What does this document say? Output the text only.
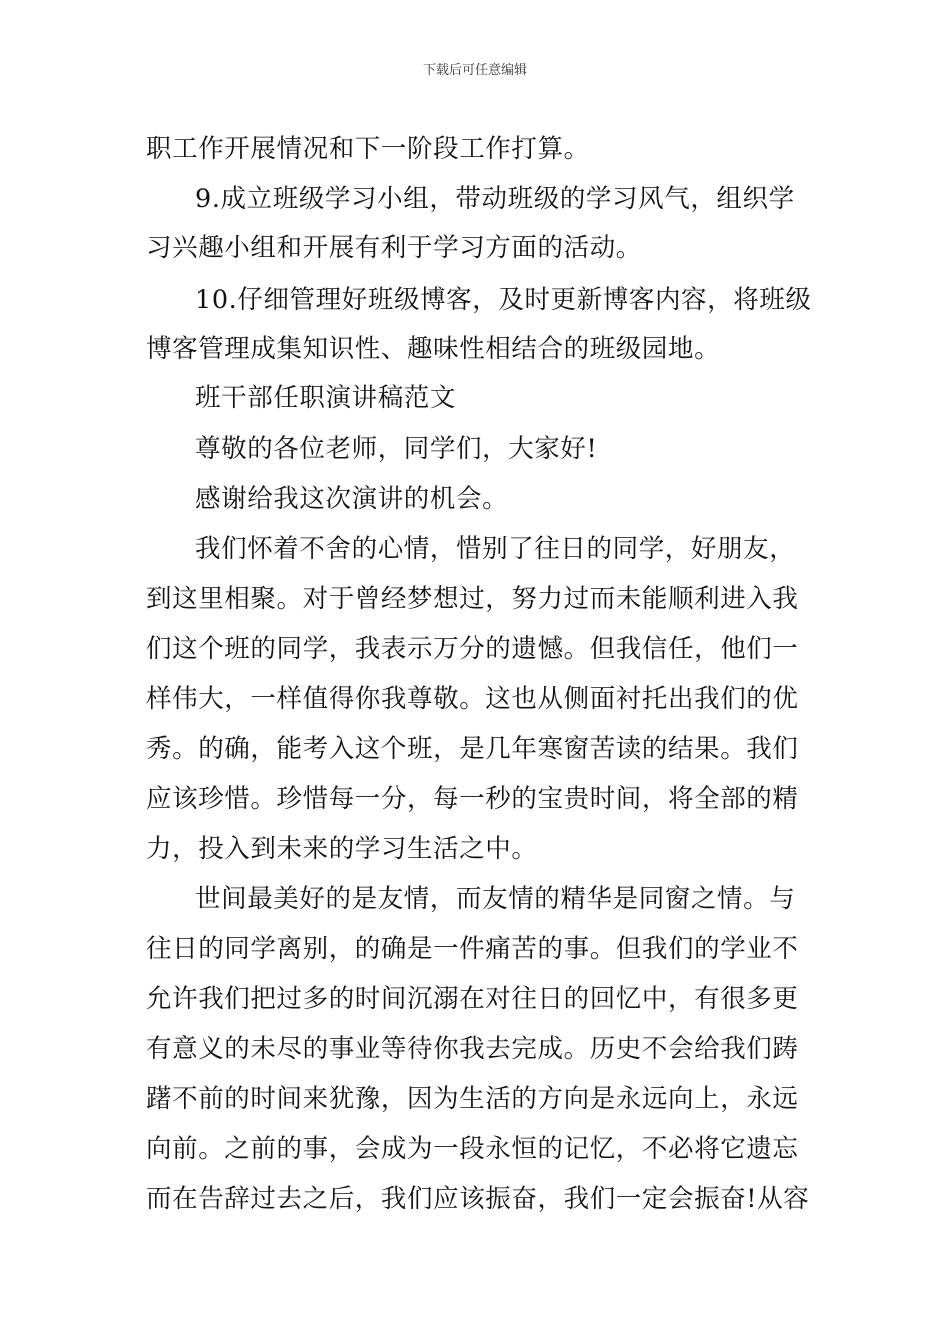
下载后可任意编辑
职工作开展情况和下一阶段工作打算。
9.成立班级学习小组，带动班级的学习风气，组织学
习兴趣小组和开展有利于学习方面的活动。
10.仔细管理好班级博客，及时更新博客内容，将班级
博客管理成集知识性、趣味性相结合的班级园地。
班干部任职演讲稿范文
尊敬的各位老师，同学们，大家好!
感谢给我这次演讲的机会。
我们怀着不舍的心情，惜别了往日的同学，好朋友，
到这里相聚。对于曾经梦想过，努力过而未能顺利进入我
们这个班的同学，我表示万分的遗憾。但我信任，他们一
样伟大，一样值得你我尊敬。这也从侧面衬托出我们的优
秀。的确，能考入这个班，是几年寒窗苦读的结果。我们
应该珍惜。珍惜每一分，每一秒的宝贵时间，将全部的精
力，投入到未来的学习生活之中。
世间最美好的是友情，而友情的精华是同窗之情。与
往日的同学离别，的确是一件痛苦的事。但我们的学业不
允许我们把过多的时间沉溺在对往日的回忆中，有很多更
有意义的未尽的事业等待你我去完成。历史不会给我们踌
躇不前的时间来犹豫，因为生活的方向是永远向上，永远
向前。之前的事，会成为一段永恒的记忆，不必将它遗忘
而在告辞过去之后，我们应该振奋，我们一定会振奋!从容
